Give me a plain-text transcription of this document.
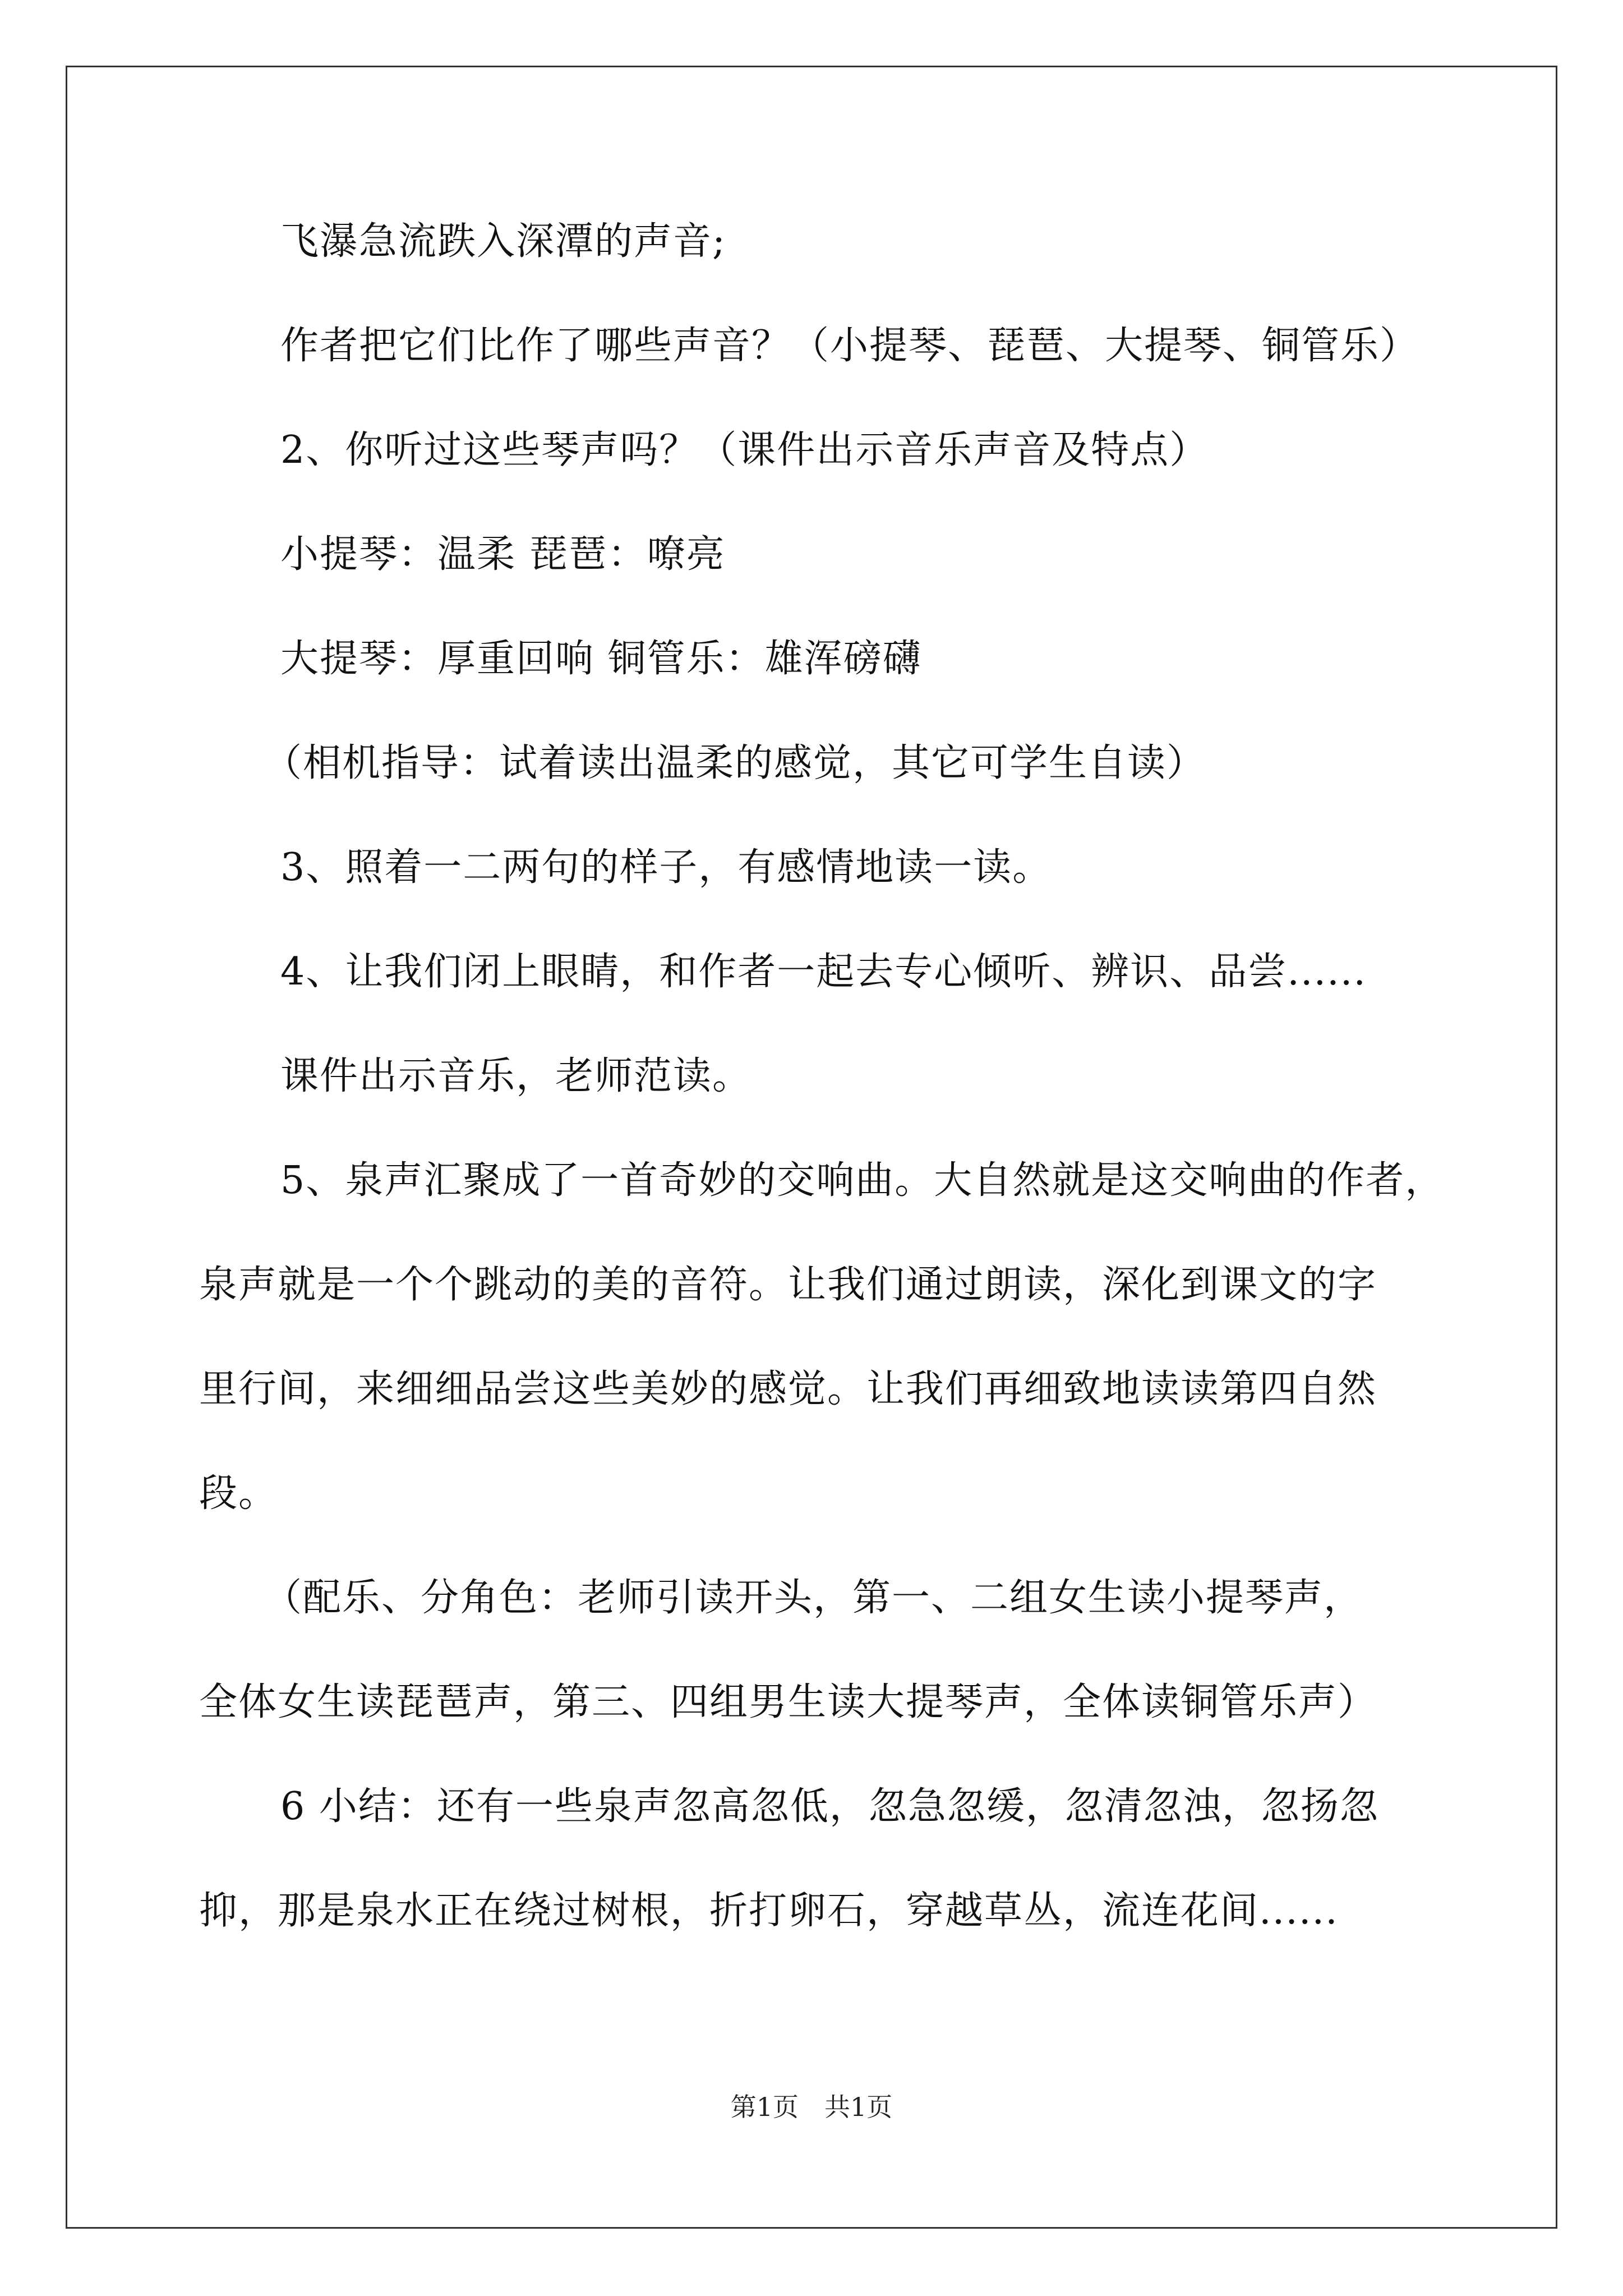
飞瀑急流跌入深潭的声音;
作者把它们比作了哪些声音？（小提琴、琵琶、大提琴、铜管乐）
2、你听过这些琴声吗？（课件出示音乐声音及特点）
小提琴：温柔 琵琶：嘹亮
大提琴：厚重回响 铜管乐：雄浑磅礴
（相机指导：试着读出温柔的感觉，其它可学生自读）
3、照着一二两句的样子，有感情地读一读。
4、让我们闭上眼睛，和作者一起去专心倾听、辨识、品尝......
课件出示音乐，老师范读。
5、泉声汇聚成了一首奇妙的交响曲。大自然就是这交响曲的作者，
泉声就是一个个跳动的美的音符。让我们通过朗读，深化到课文的字
里行间，来细细品尝这些美妙的感觉。让我们再细致地读读第四自然
段。
（配乐、分角色：老师引读开头，第一、二组女生读小提琴声，
全体女生读琵琶声，第三、四组男生读大提琴声，全体读铜管乐声）
6 小结：还有一些泉声忽高忽低，忽急忽缓，忽清忽浊，忽扬忽
抑，那是泉水正在绕过树根，折打卵石，穿越草丛，流连花间......
第1页　共1页
